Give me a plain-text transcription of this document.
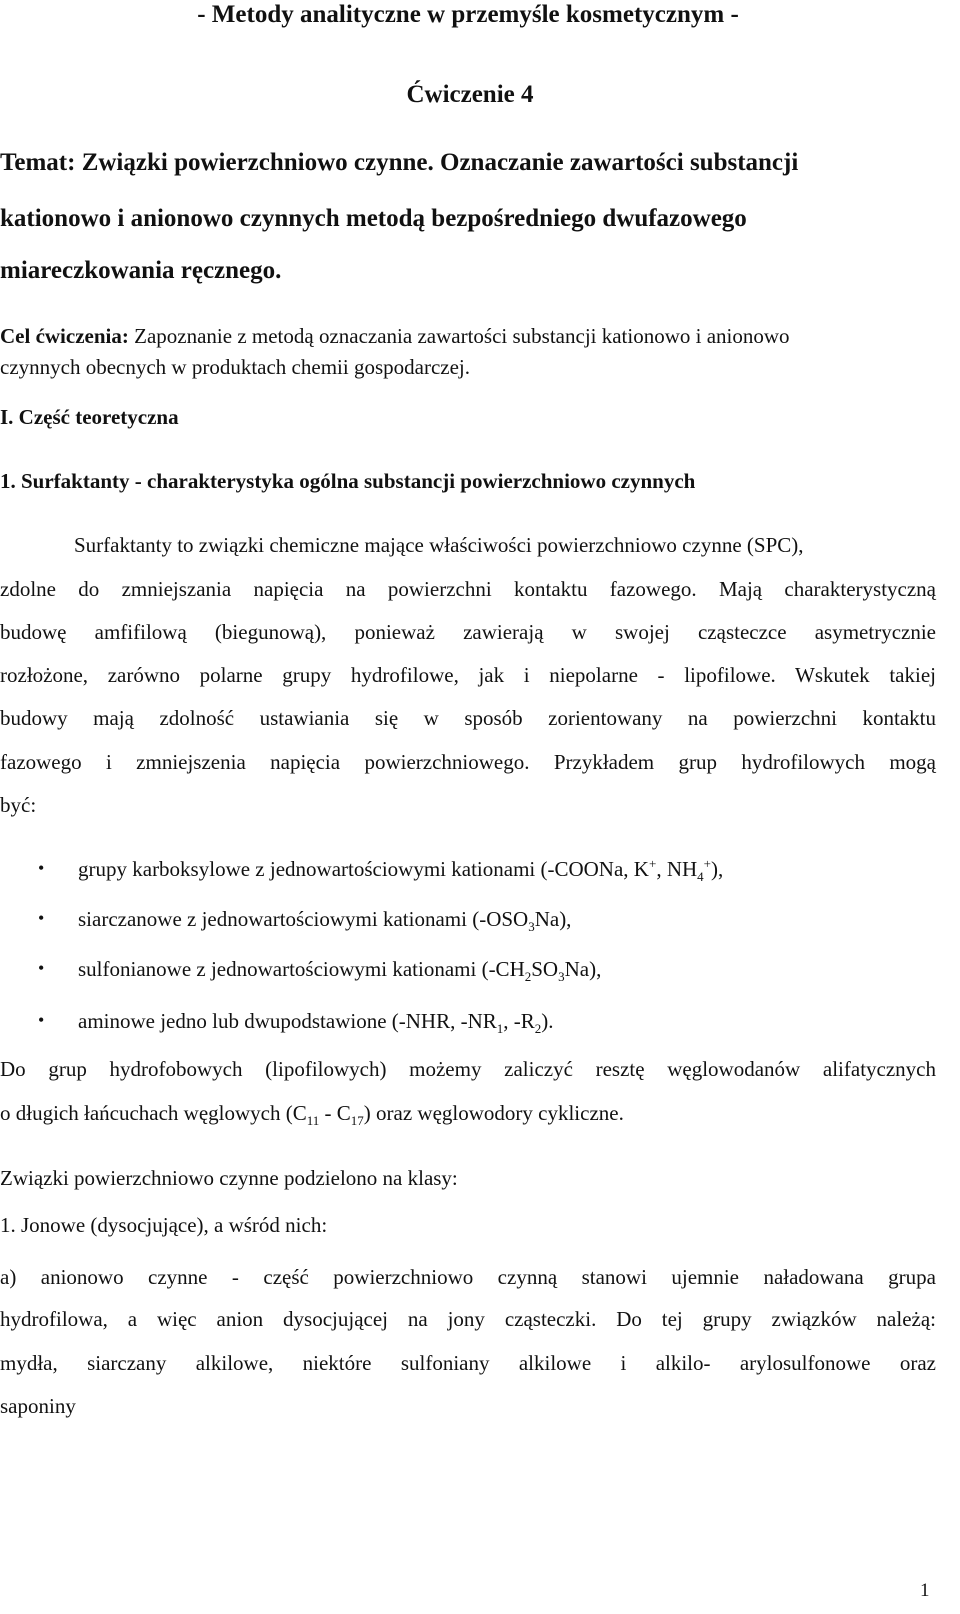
- Metody analityczne w przemyśle kosmetycznym -
Ćwiczenie 4
Temat: Związki powierzchniowo czynne. Oznaczanie zawartości substancji
kationowo i anionowo czynnych metodą bezpośredniego dwufazowego
miareczkowania ręcznego.
Cel ćwiczenia: Zapoznanie z metodą oznaczania zawartości substancji kationowo i anionowo
czynnych obecnych w produktach chemii gospodarczej.
I. Część teoretyczna
1. Surfaktanty - charakterystyka ogólna substancji powierzchniowo czynnych
Surfaktanty to związki chemiczne mające właściwości powierzchniowo czynne (SPC),
zdolne do zmniejszania napięcia na powierzchni kontaktu fazowego. Mają charakterystyczną
budowę amfifilową (biegunową), ponieważ zawierają w swojej cząsteczce asymetrycznie
rozłożone, zarówno polarne grupy hydrofilowe, jak i niepolarne - lipofilowe. Wskutek takiej
budowy mają zdolność ustawiania się w sposób zorientowany na powierzchni kontaktu
fazowego i zmniejszenia napięcia powierzchniowego. Przykładem grup hydrofilowych mogą
być:
• grupy karboksylowe z jednowartościowymi kationami (-COONa, K+, $NH_4^+$),
• siarczanowe z jednowartościowymi kationami $(-OSO_3Na)$,
• sulfonianowe z jednowartościowymi kationami $(-CH_2SO_3Na)$,
• aminowe jedno lub dwupodstawione (-NHR, $-NR_1$, $-R_2$).
Do grup hydrofobowych (lipofilowych) możemy zaliczyć resztę węglowodanów alifatycznych
o długich łańcuchach węglowych $(C_{11} - C_{17})$ oraz węglowodory cykliczne.
Związki powierzchniowo czynne podzielono na klasy:
1. Jonowe (dysocjujące), a wśród nich:
a) anionowo czynne - część powierzchniowo czynną stanowi ujemnie naładowana grupa
hydrofilowa, a więc anion dysocjującej na jony cząsteczki. Do tej grupy związków należą:
mydła, siarczany alkilowe, niektóre sulfoniany alkilowe i alkilo- arylosulfonowe oraz
saponiny
1
